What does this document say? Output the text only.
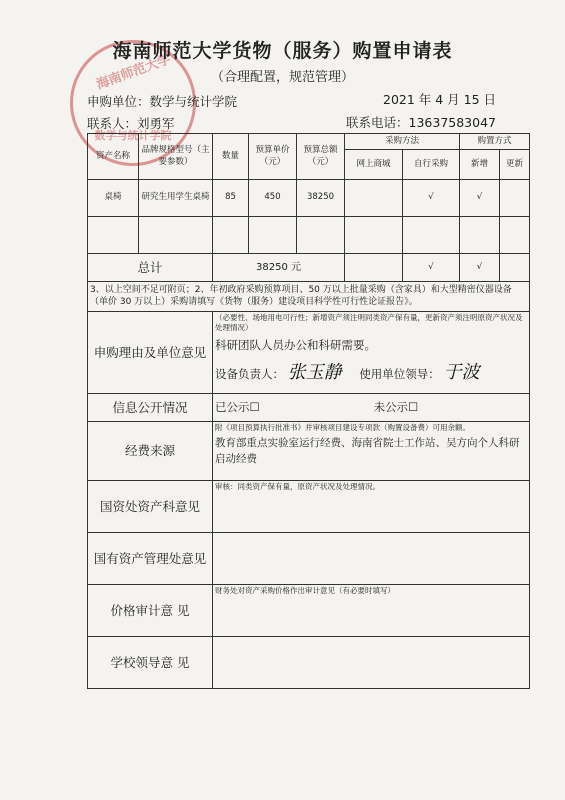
海南师范大学
数学与统计学院
海南师范大学货物（服务）购置申请表
（合理配置，规范管理）
申购单位：数学与统计学院	2021 年 4 月 15 日
联系人：刘勇军	联系电话：13637583047
资产名称	品牌规格型号（主要参数）	数量	预算单价（元）	预算总额（元）	采购方法		购置方式	
					网上商城	自行采购	新增	更新
桌椅	研究生用学生桌椅	85	450	38250		√	√	

总计		38250 元				√	√	
3、以上空间不足可附页；2、年初政府采购预算项目、50 万以上批量采购（含家具）和大型精密仪器设备（单价 30 万以上）采购请填写《货物（服务）建设项目科学性可行性论证报告》。								
申购理由及单位意见		（必要性、场地用电可行性；新增资产须注明同类资产保有量，更新资产须注明原资产状况及处理情况）
科研团队人员办公和科研需要。
设备负责人： 张玉静 使用单位领导： 于波						

信息公开情况		已公示☐ 未公示☐						
经费来源		附《项目预算执行批准书》并审核项目建设专项款（购置设备费）可用余额。
教育部重点实验室运行经费、海南省院士工作站、吴方向个人科研启动经费						

国资处资产科意见		审核：同类资产保有量，原资产状况及处理情况。						
国有资产管理处意见								
价格审计意 见		财务处对资产采购价格作出审计意见（有必要时填写）						
学校领导意 见								
